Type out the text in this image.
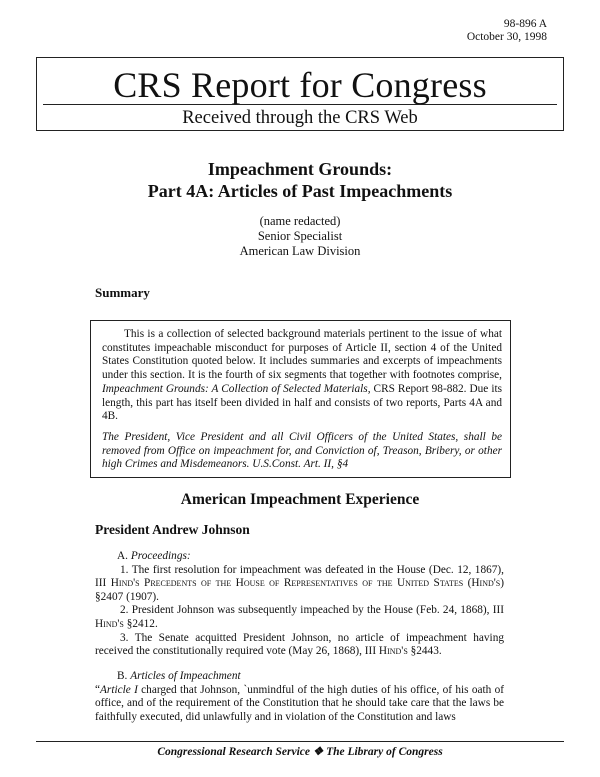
98-896 A
October 30, 1998
CRS Report for Congress
Received through the CRS Web
Impeachment Grounds:
Part 4A: Articles of Past Impeachments
(name redacted)
Senior Specialist
American Law Division
Summary

This is a collection of selected background materials pertinent to the issue of what constitutes impeachable misconduct for purposes of Article II, section 4 of the United States Constitution quoted below. It includes summaries and excerpts of impeachments under this section. It is the fourth of six segments that together with footnotes comprise, Impeachment Grounds: A Collection of Selected Materials, CRS Report 98-882. Due its length, this part has itself been divided in half and consists of two reports, Parts 4A and 4B.

The President, Vice President and all Civil Officers of the United States, shall be removed from Office on impeachment for, and Conviction of, Treason, Bribery, or other high Crimes and Misdemeanors. U.S.Const. Art. II, §4

American Impeachment Experience
President Andrew Johnson

A. Proceedings:

1. The first resolution for impeachment was defeated in the House (Dec. 12, 1867), III Hind's Precedents of the House of Representatives of the United States (Hind's) §2407 (1907).

2. President Johnson was subsequently impeached by the House (Feb. 24, 1868), III Hind's §2412.

3. The Senate acquitted President Johnson, no article of impeachment having received the constitutionally required vote (May 26, 1868), III Hind's §2443.

B. Articles of Impeachment

“Article I charged that Johnson, `unmindful of the high duties of his office, of his oath of office, and of the requirement of the Constitution that he should take care that the laws be faithfully executed, did unlawfully and in violation of the Constitution and laws

Congressional Research Service ❖ The Library of Congress
